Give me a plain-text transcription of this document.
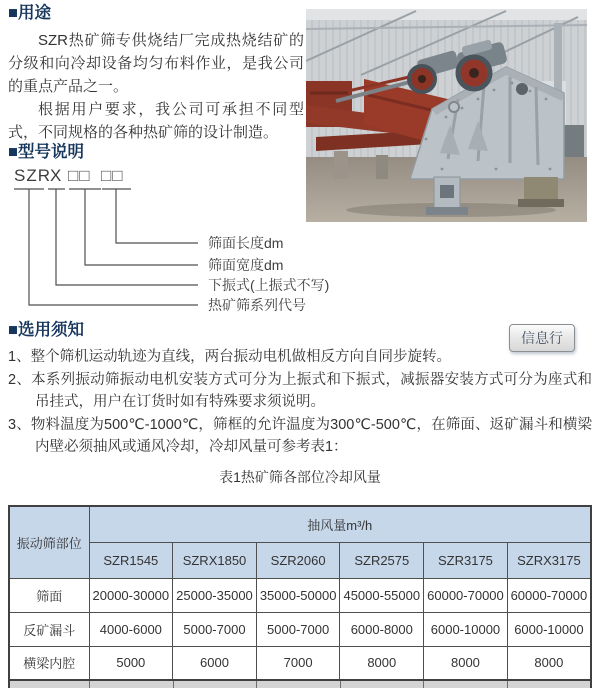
■用途

SZR热矿筛专供烧结厂完成热烧结矿的分级和向冷却设备均匀布料作业，是我公司的重点产品之一。

根据用户要求，我公司可承担不同型式，不同规格的各种热矿筛的设计制造。

■型号说明
SZR X □□ □□
筛面长度dm
筛面宽度dm
下振式(上振式不写)
热矿筛系列代号
■选用须知	信息行
1、整个筛机运动轨迹为直线，两台振动电机做相反方向自同步旋转。
2、本系列振动筛振动电机安装方式可分为上振式和下振式，减振器安装方式可分为座式和吊挂式，用户在订货时如有特殊要求须说明。
3、物料温度为500℃-1000℃，筛框的允许温度为300℃-500℃，在筛面、返矿漏斗和横梁内壁必须抽风或通风冷却，冷却风量可参考表1：
表1热矿筛各部位冷却风量
振动筛部位	抽风量m³/h					
	SZR1545	SZRX1850	SZR2060	SZR2575	SZR3175	SZRX3175
筛面	20000-30000	25000-35000	35000-50000	45000-55000	60000-70000	60000-70000
反矿漏斗	4000-6000	5000-7000	5000-7000	6000-8000	6000-10000	6000-10000
横梁内腔	5000	6000	7000	8000	8000	8000
